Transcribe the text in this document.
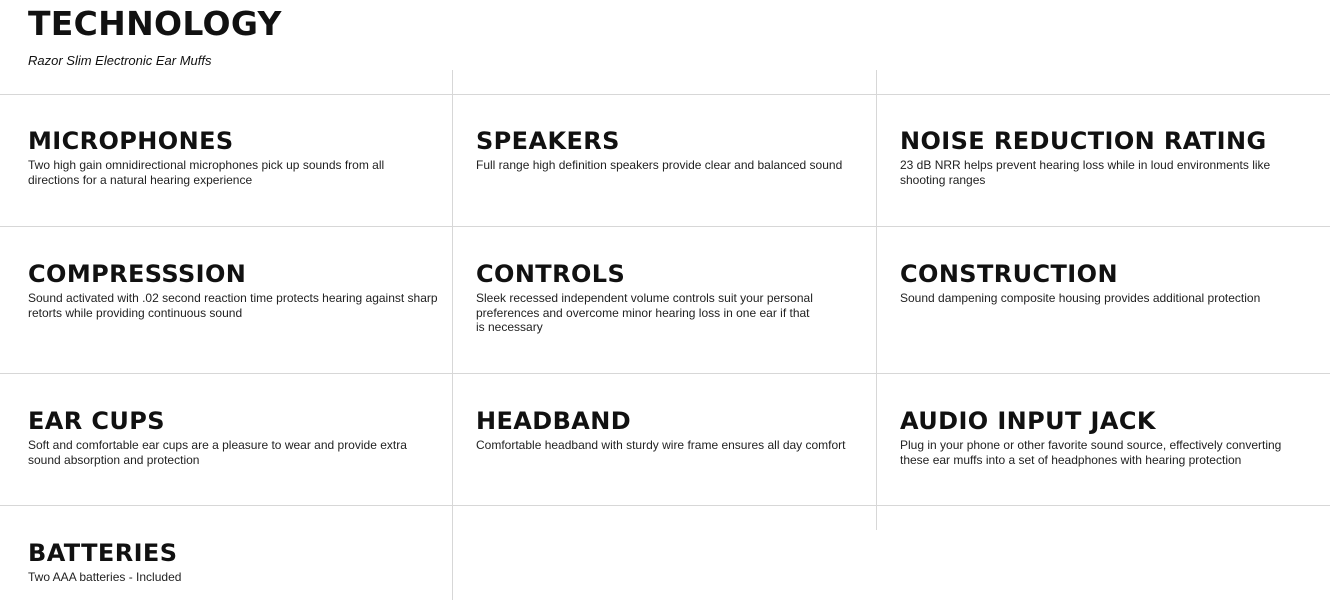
TECHNOLOGY
Razor Slim Electronic Ear Muffs
MICROPHONES

Two high gain omnidirectional microphones pick up sounds from all directions for a natural hearing experience

SPEAKERS

Full range high definition speakers provide clear and balanced sound

NOISE REDUCTION RATING

23 dB NRR helps prevent hearing loss while in loud environments like shooting ranges

COMPRESSSION

Sound activated with .02 second reaction time protects hearing against sharp retorts while providing continuous sound

CONTROLS

Sleek recessed independent volume controls suit your personal preferences and overcome minor hearing loss in one ear if that is necessary

CONSTRUCTION

Sound dampening composite housing provides additional protection

EAR CUPS

Soft and comfortable ear cups are a pleasure to wear and provide extra sound absorption and protection

HEADBAND

Comfortable headband with sturdy wire frame ensures all day comfort

AUDIO INPUT JACK

Plug in your phone or other favorite sound source, effectively converting these ear muffs into a set of headphones with hearing protection

BATTERIES

Two AAA batteries - Included
